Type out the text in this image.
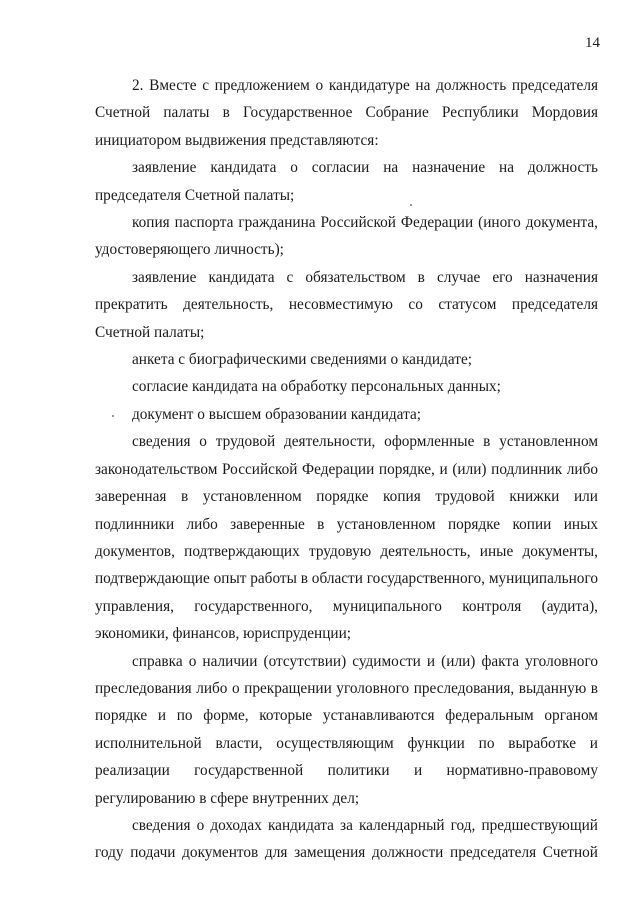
14

2. Вместе с предложением о кандидатуре на должность председателя Счетной палаты в Государственное Собрание Республики Мордовия инициатором выдвижения представляются:

заявление кандидата о согласии на назначение на должность председателя Счетной палаты;

копия паспорта гражданина Российской Федерации (иного документа, удостоверяющего личность);

заявление кандидата с обязательством в случае его назначения прекратить деятельность, несовместимую со статусом председателя Счетной палаты;

анкета с биографическими сведениями о кандидате;

согласие кандидата на обработку персональных данных;

документ о высшем образовании кандидата;

сведения о трудовой деятельности, оформленные в установленном законодательством Российской Федерации порядке, и (или) подлинник либо заверенная в установленном порядке копия трудовой книжки или подлинники либо заверенные в установленном порядке копии иных документов, подтверждающих трудовую деятельность, иные документы, подтверждающие опыт работы в области государственного, муниципального управления, государственного, муниципального контроля (аудита), экономики, финансов, юриспруденции;

справка о наличии (отсутствии) судимости и (или) факта уголовного преследования либо о прекращении уголовного преследования, выданную в порядке и по форме, которые устанавливаются федеральным органом исполнительной власти, осуществляющим функции по выработке и реализации государственной политики и нормативно-правовому регулированию в сфере внутренних дел;

сведения о доходах кандидата за календарный год, предшествующий году подачи документов для замещения должности председателя Счетной
